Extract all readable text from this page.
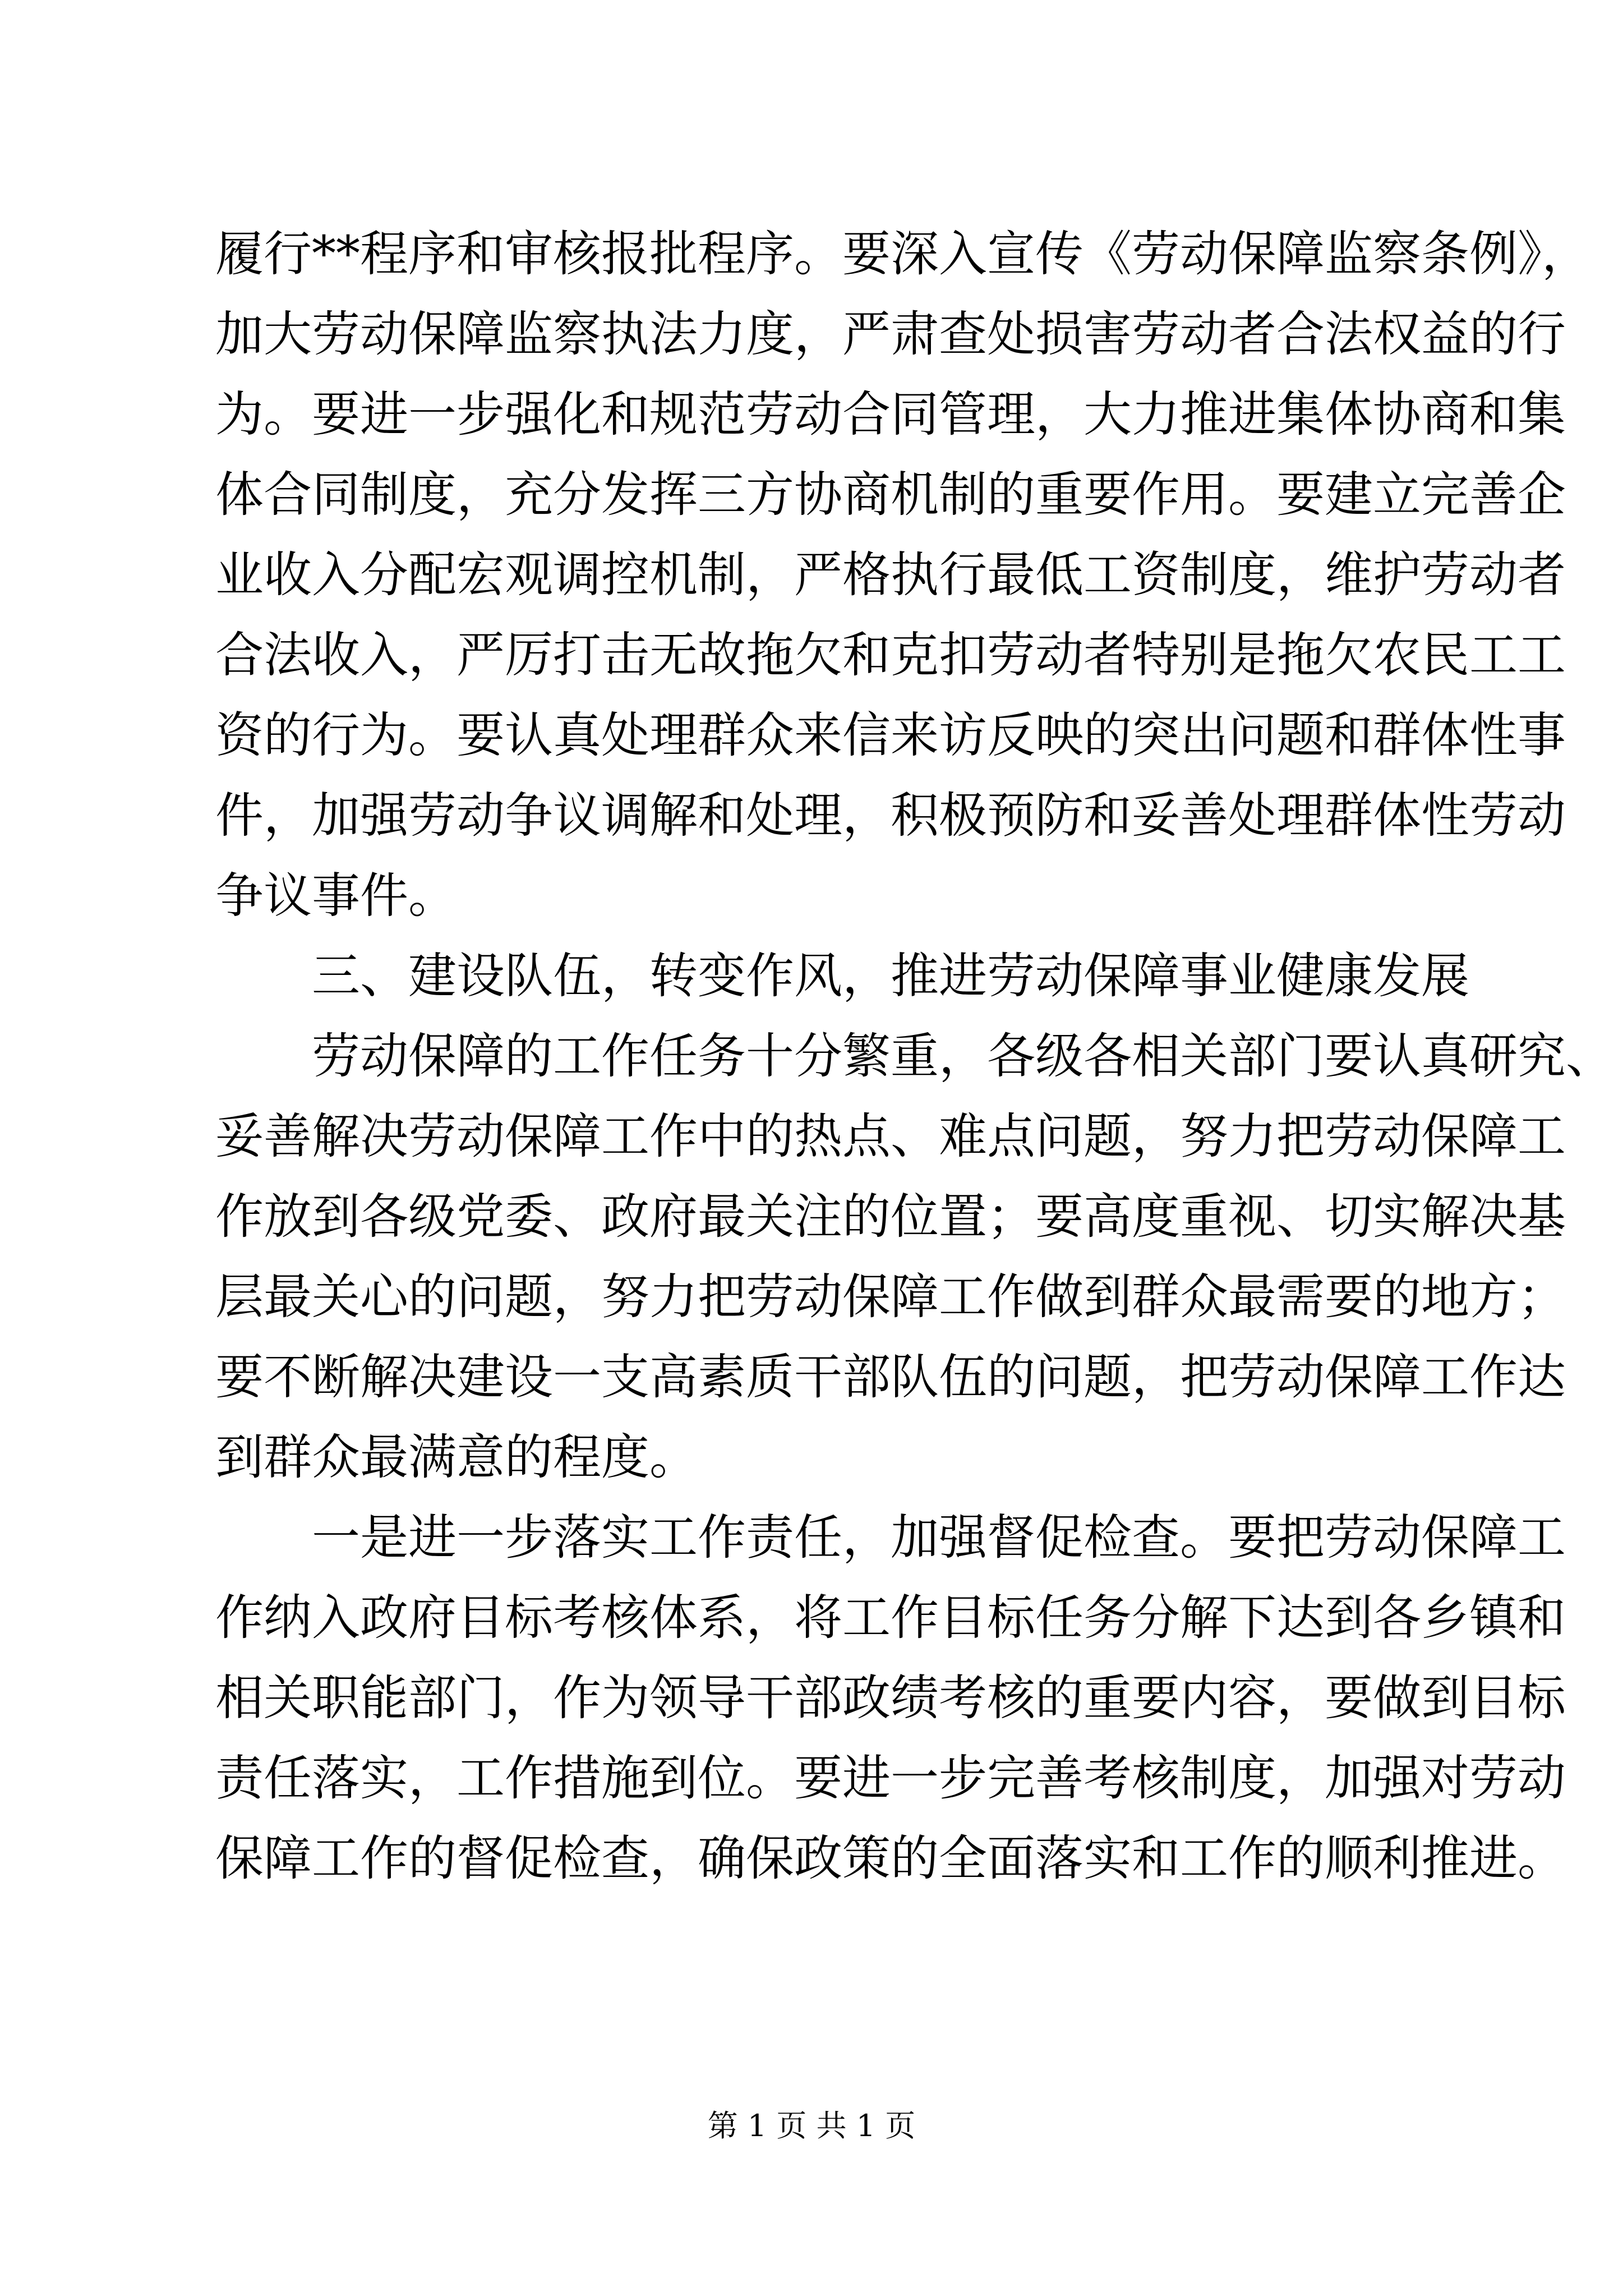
履行**程序和审核报批程序。要深入宣传《劳动保障监察条例》，
加大劳动保障监察执法力度，严肃查处损害劳动者合法权益的行
为。要进一步强化和规范劳动合同管理，大力推进集体协商和集
体合同制度，充分发挥三方协商机制的重要作用。要建立完善企
业收入分配宏观调控机制，严格执行最低工资制度，维护劳动者
合法收入，严厉打击无故拖欠和克扣劳动者特别是拖欠农民工工
资的行为。要认真处理群众来信来访反映的突出问题和群体性事
件，加强劳动争议调解和处理，积极预防和妥善处理群体性劳动
争议事件。
三、建设队伍，转变作风，推进劳动保障事业健康发展
劳动保障的工作任务十分繁重，各级各相关部门要认真研究、
妥善解决劳动保障工作中的热点、难点问题，努力把劳动保障工
作放到各级党委、政府最关注的位置；要高度重视、切实解决基
层最关心的问题，努力把劳动保障工作做到群众最需要的地方；
要不断解决建设一支高素质干部队伍的问题，把劳动保障工作达
到群众最满意的程度。
一是进一步落实工作责任，加强督促检查。要把劳动保障工
作纳入政府目标考核体系，将工作目标任务分解下达到各乡镇和
相关职能部门，作为领导干部政绩考核的重要内容，要做到目标
责任落实，工作措施到位。要进一步完善考核制度，加强对劳动
保障工作的督促检查，确保政策的全面落实和工作的顺利推进。
第 1 页 共 1 页
